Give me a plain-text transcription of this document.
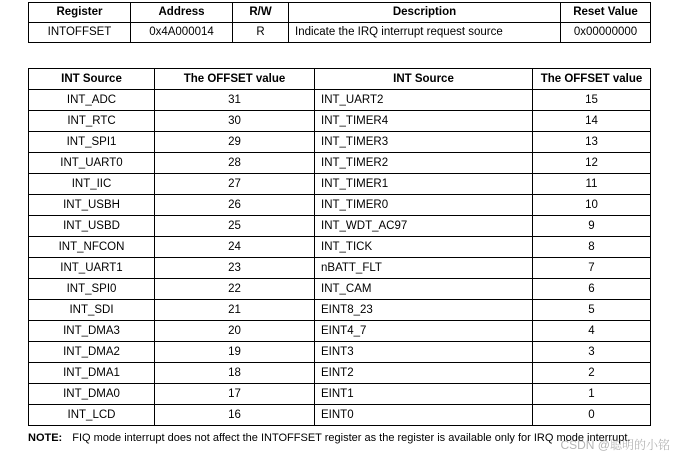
Register	Address	R/W	Description	Reset Value
INTOFFSET	0x4A000014	R	Indicate the IRQ interrupt request source	0x00000000
INT Source	The OFFSET value	INT Source	The OFFSET value
INT_ADC	31	INT_UART2	15
INT_RTC	30	INT_TIMER4	14
INT_SPI1	29	INT_TIMER3	13
INT_UART0	28	INT_TIMER2	12
INT_IIC	27	INT_TIMER1	11
INT_USBH	26	INT_TIMER0	10
INT_USBD	25	INT_WDT_AC97	9
INT_NFCON	24	INT_TICK	8
INT_UART1	23	nBATT_FLT	7
INT_SPI0	22	INT_CAM	6
INT_SDI	21	EINT8_23	5
INT_DMA3	20	EINT4_7	4
INT_DMA2	19	EINT3	3
INT_DMA1	18	EINT2	2
INT_DMA0	17	EINT1	1
INT_LCD	16	EINT0	0
NOTE: FIQ mode interrupt does not affect the INTOFFSET register as the register is available only for IRQ mode interrupt.
CSDN @聪明的小铭
